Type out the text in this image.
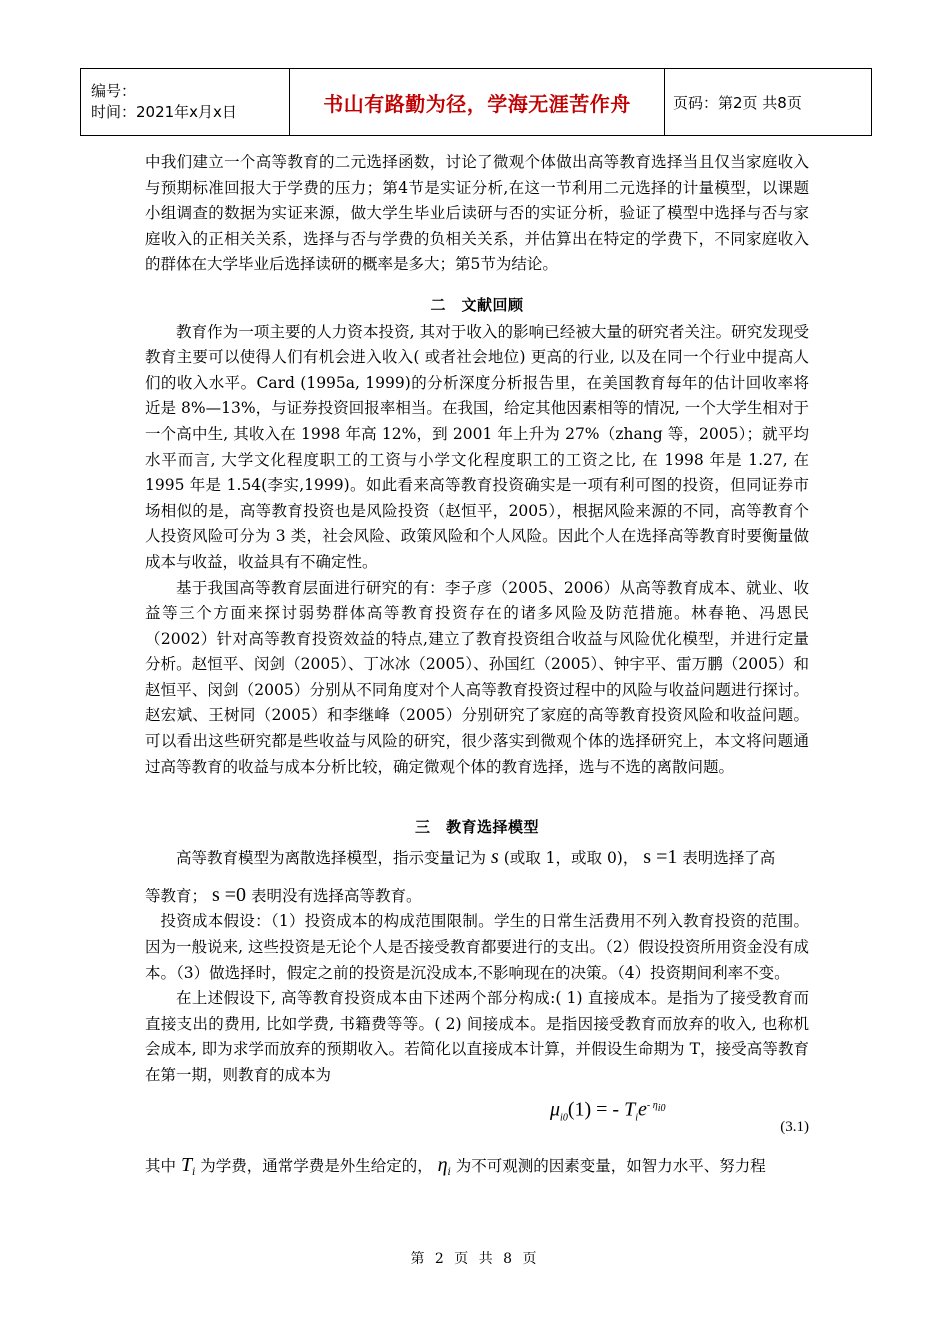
编号：
时间：2021年x月x日	书山有路勤为径，学海无涯苦作舟	页码：第2页 共8页

中我们建立一个高等教育的二元选择函数，讨论了微观个体做出高等教育选择当且仅当家庭收入与预期标准回报大于学费的压力；第4节是实证分析,在这一节利用二元选择的计量模型，以课题小组调查的数据为实证来源，做大学生毕业后读研与否的实证分析，验证了模型中选择与否与家庭收入的正相关关系，选择与否与学费的负相关关系，并估算出在特定的学费下，不同家庭收入的群体在大学毕业后选择读研的概率是多大；第5节为结论。

二　文献回顾

教育作为一项主要的人力资本投资, 其对于收入的影响已经被大量的研究者关注。研究发现受教育主要可以使得人们有机会进入收入( 或者社会地位) 更高的行业, 以及在同一个行业中提高人们的收入水平。Card (1995a, 1999)的分析深度分析报告里，在美国教育每年的估计回收率将近是 8%—13%，与证券投资回报率相当。在我国，给定其他因素相等的情况, 一个大学生相对于一个高中生, 其收入在 1998 年高 12%，到 2001 年上升为 27%（zhang 等，2005）；就平均水平而言, 大学文化程度职工的工资与小学文化程度职工的工资之比, 在 1998 年是 1.27, 在 1995 年是 1.54(李实,1999)。如此看来高等教育投资确实是一项有利可图的投资，但同证券市场相似的是，高等教育投资也是风险投资（赵恒平，2005），根据风险来源的不同，高等教育个人投资风险可分为 3 类，社会风险、政策风险和个人风险。因此个人在选择高等教育时要衡量做成本与收益，收益具有不确定性。

基于我国高等教育层面进行研究的有：李子彦（2005、2006）从高等教育成本、就业、收益等三个方面来探讨弱势群体高等教育投资存在的诸多风险及防范措施。林春艳、冯恩民（2002）针对高等教育投资效益的特点,建立了教育投资组合收益与风险优化模型，并进行定量分析。赵恒平、闵剑（2005）、丁冰冰（2005）、孙国红（2005）、钟宇平、雷万鹏（2005）和赵恒平、闵剑（2005）分别从不同角度对个人高等教育投资过程中的风险与收益问题进行探讨。赵宏斌、王树同（2005）和李继峰（2005）分别研究了家庭的高等教育投资风险和收益问题。可以看出这些研究都是些收益与风险的研究，很少落实到微观个体的选择研究上，本文将问题通过高等教育的收益与成本分析比较，确定微观个体的教育选择，选与不选的离散问题。

三　教育选择模型

高等教育模型为离散选择模型，指示变量记为 s (或取 1，或取 0)， s =1 表明选择了高

等教育； s =0 表明没有选择高等教育。

投资成本假设：（1）投资成本的构成范围限制。学生的日常生活费用不列入教育投资的范围。因为一般说来, 这些投资是无论个人是否接受教育都要进行的支出。（2）假设投资所用资金没有成本。（3）做选择时，假定之前的投资是沉没成本,不影响现在的决策。（4）投资期间利率不变。

在上述假设下, 高等教育投资成本由下述两个部分构成:( 1) 直接成本。是指为了接受教育而直接支出的费用, 比如学费, 书籍费等等。( 2) 间接成本。是指因接受教育而放弃的收入, 也称机会成本, 即为求学而放弃的预期收入。若简化以直接成本计算，并假设生命期为 T，接受高等教育在第一期，则教育的成本为

$\mu_{i0}(1)$ = - $T_ie^{- \eta_{i0}}$
(3.1)

其中 $T_i$ 为学费，通常学费是外生给定的， $\eta_i$ 为不可观测的因素变量，如智力水平、努力程

第 2 页 共 8 页
